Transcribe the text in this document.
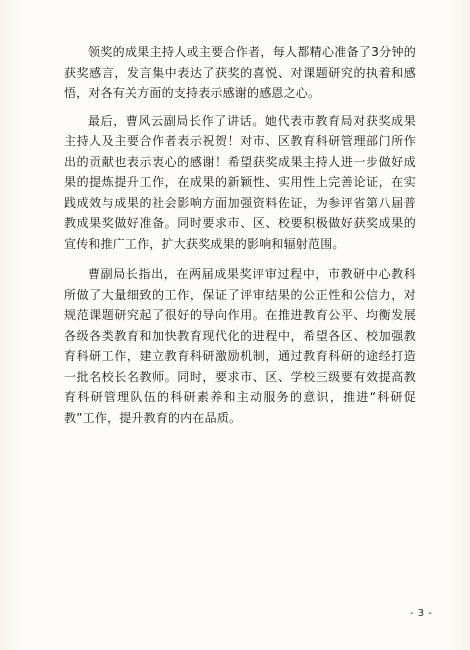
领奖的成果主持人或主要合作者，每人都精心准备了3分钟的获奖感言，发言集中表达了获奖的喜悦、对课题研究的执着和感悟，对各有关方面的支持表示感谢的感恩之心。

最后，曹风云副局长作了讲话。她代表市教育局对获奖成果主持人及主要合作者表示祝贺！对市、区教育科研管理部门所作出的贡献也表示衷心的感谢！希望获奖成果主持人进一步做好成果的提炼提升工作，在成果的新颖性、实用性上完善论证，在实践成效与成果的社会影响方面加强资料佐证，为参评省第八届普教成果奖做好准备。同时要求市、区、校要积极做好获奖成果的宣传和推广工作，扩大获奖成果的影响和辐射范围。

曹副局长指出，在两届成果奖评审过程中，市教研中心教科所做了大量细致的工作，保证了评审结果的公正性和公信力，对规范课题研究起了很好的导向作用。在推进教育公平、均衡发展各级各类教育和加快教育现代化的进程中，希望各区、校加强教育科研工作，建立教育科研激励机制，通过教育科研的途经打造一批名校长名教师。同时，要求市、区、学校三级要有效提高教育科研管理队伍的科研素养和主动服务的意识，推进“科研促教”工作，提升教育的内在品质。

- 3 -
